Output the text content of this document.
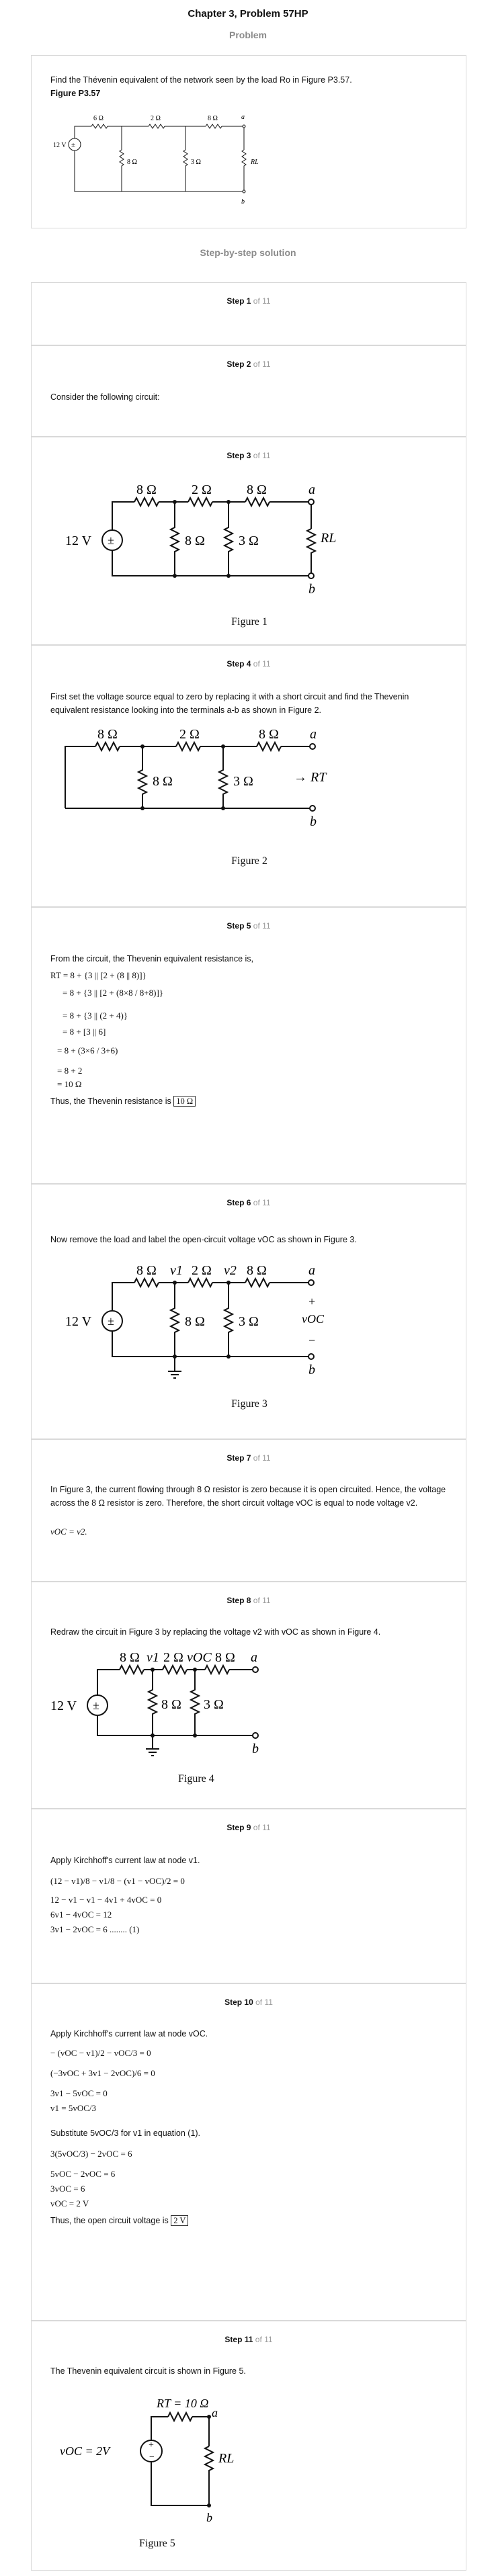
Chapter 3, Problem 57HP
Problem
Find the Thévenin equivalent of the network seen by the load Ro in Figure P3.57.
Figure P3.57
±
12 V
6 Ω	2 Ω	8 Ω
8 Ω	3 Ω	RL
a
b
Step-by-step solution
Step 1 of 11
Step 2 of 11
Consider the following circuit:
Step 3 of 11
±
12 V
8 Ω	2 Ω	8 Ω
8 Ω	3 Ω	RL
a
b
Figure 1
Step 4 of 11
First set the voltage source equal to zero by replacing it with a short circuit and find the Thevenin equivalent resistance looking into the terminals a-b as shown in Figure 2.
8 Ω	2 Ω	8 Ω
8 Ω	3 Ω	→ RT
a
b
Figure 2
Step 5 of 11
From the circuit, the Thevenin equivalent resistance is,
RT = 8 + {3 || [2 + (8 || 8)]}
= 8 + {3 || [2 + (8×8 / 8+8)]}
= 8 + {3 || (2 + 4)}
= 8 + [3 || 6]
= 8 + (3×6 / 3+6)
= 8 + 2
= 10 Ω
Thus, the Thevenin resistance is 10 Ω
Step 6 of 11
Now remove the load and label the open-circuit voltage vOC as shown in Figure 3.
±
12 V
8 Ω v1 2 Ω v2 8 Ω
8 Ω	3 Ω
+
vOC
−
a
b
Figure 3
Step 7 of 11
In Figure 3, the current flowing through 8 Ω resistor is zero because it is open circuited. Hence, the voltage across the 8 Ω resistor is zero. Therefore, the short circuit voltage vOC is equal to node voltage v2.
vOC = v2.
Step 8 of 11
Redraw the circuit in Figure 3 by replacing the voltage v2 with vOC as shown in Figure 4.
±
12 V
8 Ω v1 2 Ω vOC 8 Ω
8 Ω 3 Ω
a
b
Figure 4
Step 9 of 11
Apply Kirchhoff's current law at node v1.
(12 − v1)/8 − v1/8 − (v1 − vOC)/2 = 0
12 − v1 − v1 − 4v1 + 4vOC = 0
6v1 − 4vOC = 12
3v1 − 2vOC = 6 ........ (1)
Step 10 of 11
Apply Kirchhoff's current law at node vOC.
− (vOC − v1)/2 − vOC/3 = 0
(−3vOC + 3v1 − 2vOC)/6 = 0
3v1 − 5vOC = 0
v1 = 5vOC/3
Substitute 5vOC/3 for v1 in equation (1).
3(5vOC/3) − 2vOC = 6
5vOC − 2vOC = 6
3vOC = 6
vOC = 2 V
Thus, the open circuit voltage is 2 V
Step 11 of 11
The Thevenin equivalent circuit is shown in Figure 5.
+
−
vOC = 2V
RT = 10 Ω
RL
a
b
Figure 5
